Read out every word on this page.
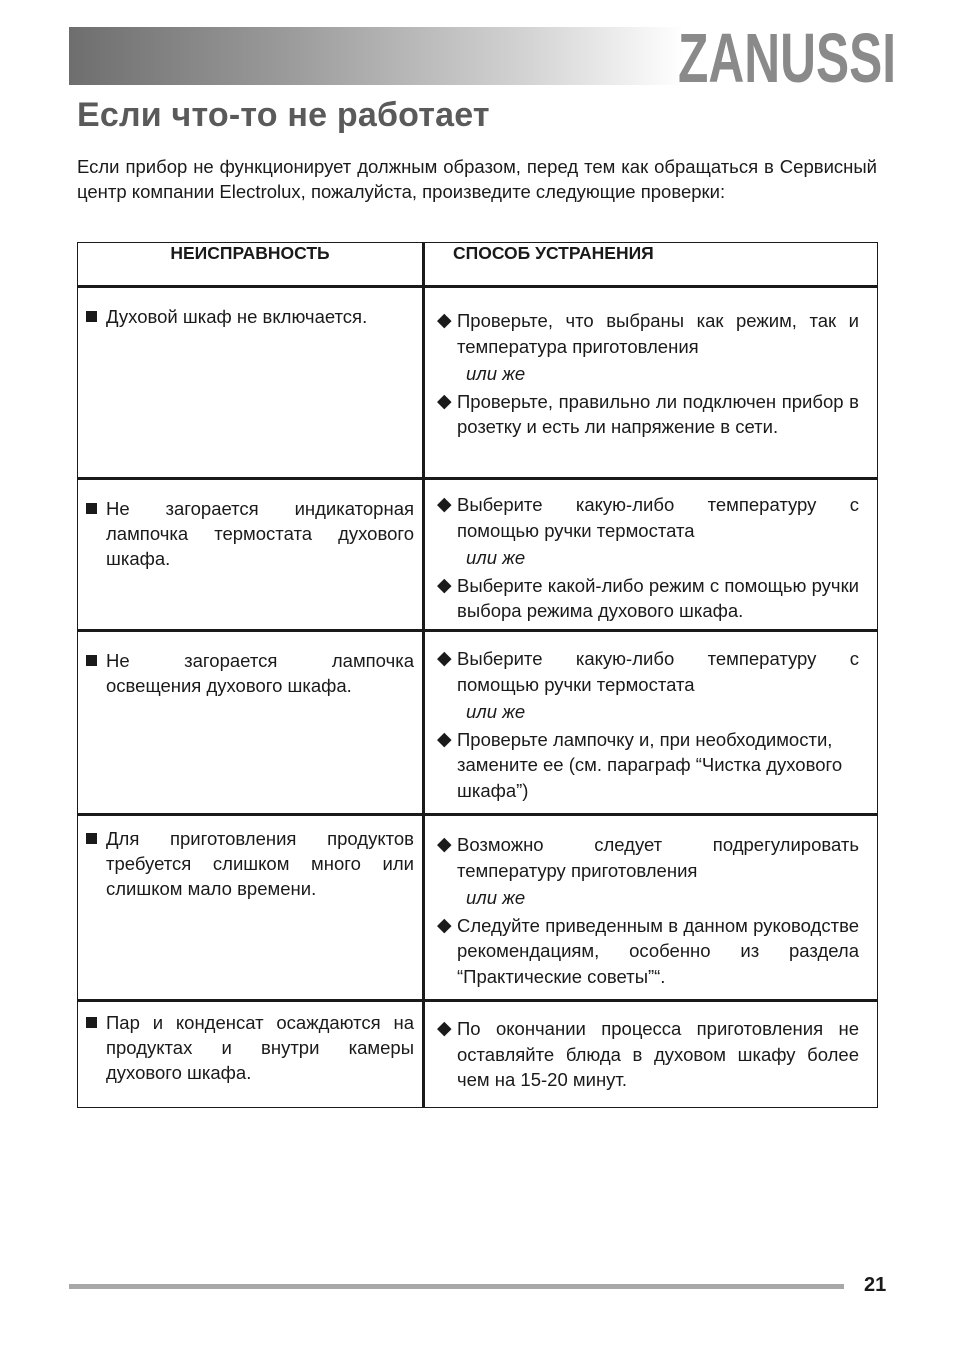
ZANUSSI
Если что-то не работает

Если прибор не функционирует должным образом, перед тем как обращаться в Сервисный центр компании Electrolux, пожалуйста, произведите следующие проверки:

НЕИСПРАВНОСТЬ	СПОСОБ УСТРАНЕНИЯ

Духовой шкаф не включается.	◆ Проверьте, что выбраны как режим, так и температура приготовления
или же
◆ Проверьте, правильно ли подключен прибор в розетку и есть ли напряжение в сети.

Не загорается индикаторная лампочка термостата духового шкафа.	◆ Выберите какую-либо температуру с помощью ручки термостата
или же
◆ Выберите какой-либо режим с помощью ручки выбора режима духового шкафа.

Не загорается лампочка освещения духового шкафа.	◆ Выберите какую-либо температуру с помощью ручки термостата
или же
◆ Проверьте лампочку и, при необходимости, замените ее (см. параграф “Чистка духового шкафа”)

Для приготовления продуктов требуется слишком много или слишком мало времени.	◆ Возможно следует подрегулировать температуру приготовления
или же
◆ Следуйте приведенным в данном руководстве рекомендациям, особенно из раздела “Практические советы”“.

Пар и конденсат осаждаются на продуктах и внутри камеры духового шкафа.	◆ По окончании процесса приготовления не оставляйте блюда в духовом шкафу более чем на 15-20 минут.
21
